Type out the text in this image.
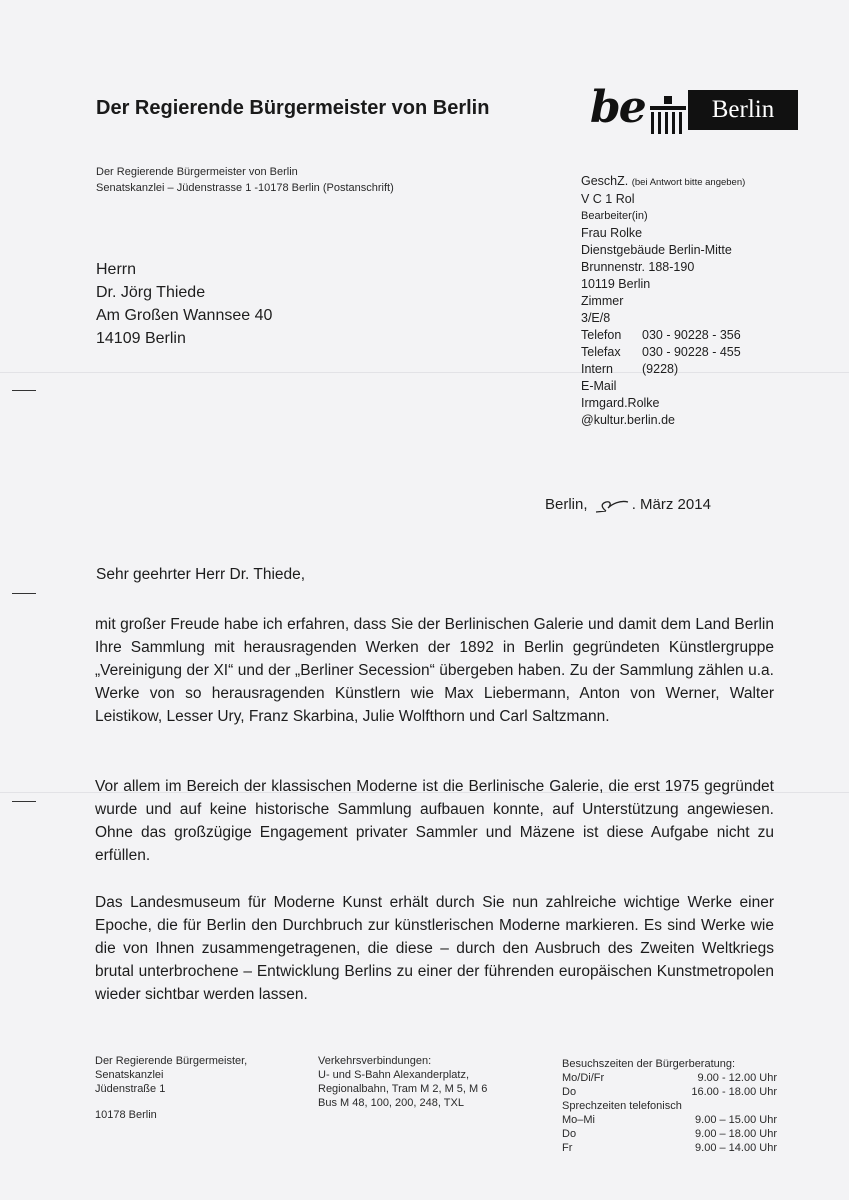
Der Regierende Bürgermeister von Berlin be	Berlin
Der Regierende Bürgermeister von Berlin
Senatskanzlei – Jüdenstrasse 1 -10178 Berlin (Postanschrift)
Herrn
Dr. Jörg Thiede
Am Großen Wannsee 40
14109 Berlin
GeschZ. (bei Antwort bitte angeben)
V C 1 Rol
Bearbeiter(in)
Frau Rolke
Dienstgebäude Berlin-Mitte
Brunnenstr. 188-190
10119 Berlin
Zimmer
3/E/8
Telefon	030 - 90228 - 356
Telefax	030 - 90228 - 455
Intern	(9228)
E-Mail
Irmgard.Rolke
@kultur.berlin.de
Berlin,	. März 2014
Sehr geehrter Herr Dr. Thiede,

mit großer Freude habe ich erfahren, dass Sie der Berlinischen Galerie und damit dem Land Berlin Ihre Sammlung mit herausragenden Werken der 1892 in Berlin gegründeten Künstlergruppe „Vereinigung der XI“ und der „Berliner Secession“ übergeben haben. Zu der Sammlung zählen u.a. Werke von so herausragenden Künstlern wie Max Liebermann, Anton von Werner, Walter Leistikow, Lesser Ury, Franz Skarbina, Julie Wolfthorn und Carl Saltzmann.

Vor allem im Bereich der klassischen Moderne ist die Berlinische Galerie, die erst 1975 gegründet wurde und auf keine historische Sammlung aufbauen konnte, auf Unterstützung angewiesen. Ohne das großzügige Engagement privater Sammler und Mäzene ist diese Aufgabe nicht zu erfüllen.

Das Landesmuseum für Moderne Kunst erhält durch Sie nun zahlreiche wichtige Werke einer Epoche, die für Berlin den Durchbruch zur künstlerischen Moderne markieren. Es sind Werke wie die von Ihnen zusammengetragenen, die diese – durch den Ausbruch des Zweiten Weltkriegs brutal unterbrochene – Entwicklung Berlins zu einer der führenden europäischen Kunstmetropolen wieder sichtbar werden lassen.

Der Regierende Bürgermeister,
Senatskanzlei
Jüdenstraße 1
10178 Berlin
Verkehrsverbindungen:
U- und S-Bahn Alexanderplatz,
Regionalbahn, Tram M 2, M 5, M 6
Bus M 48, 100, 200, 248, TXL
Besuchszeiten der Bürgerberatung:
Mo/Di/Fr	9.00 - 12.00 Uhr
Do	16.00 - 18.00 Uhr
Sprechzeiten telefonisch
Mo–Mi	9.00 – 15.00 Uhr
Do	9.00 – 18.00 Uhr
Fr	9.00 – 14.00 Uhr
